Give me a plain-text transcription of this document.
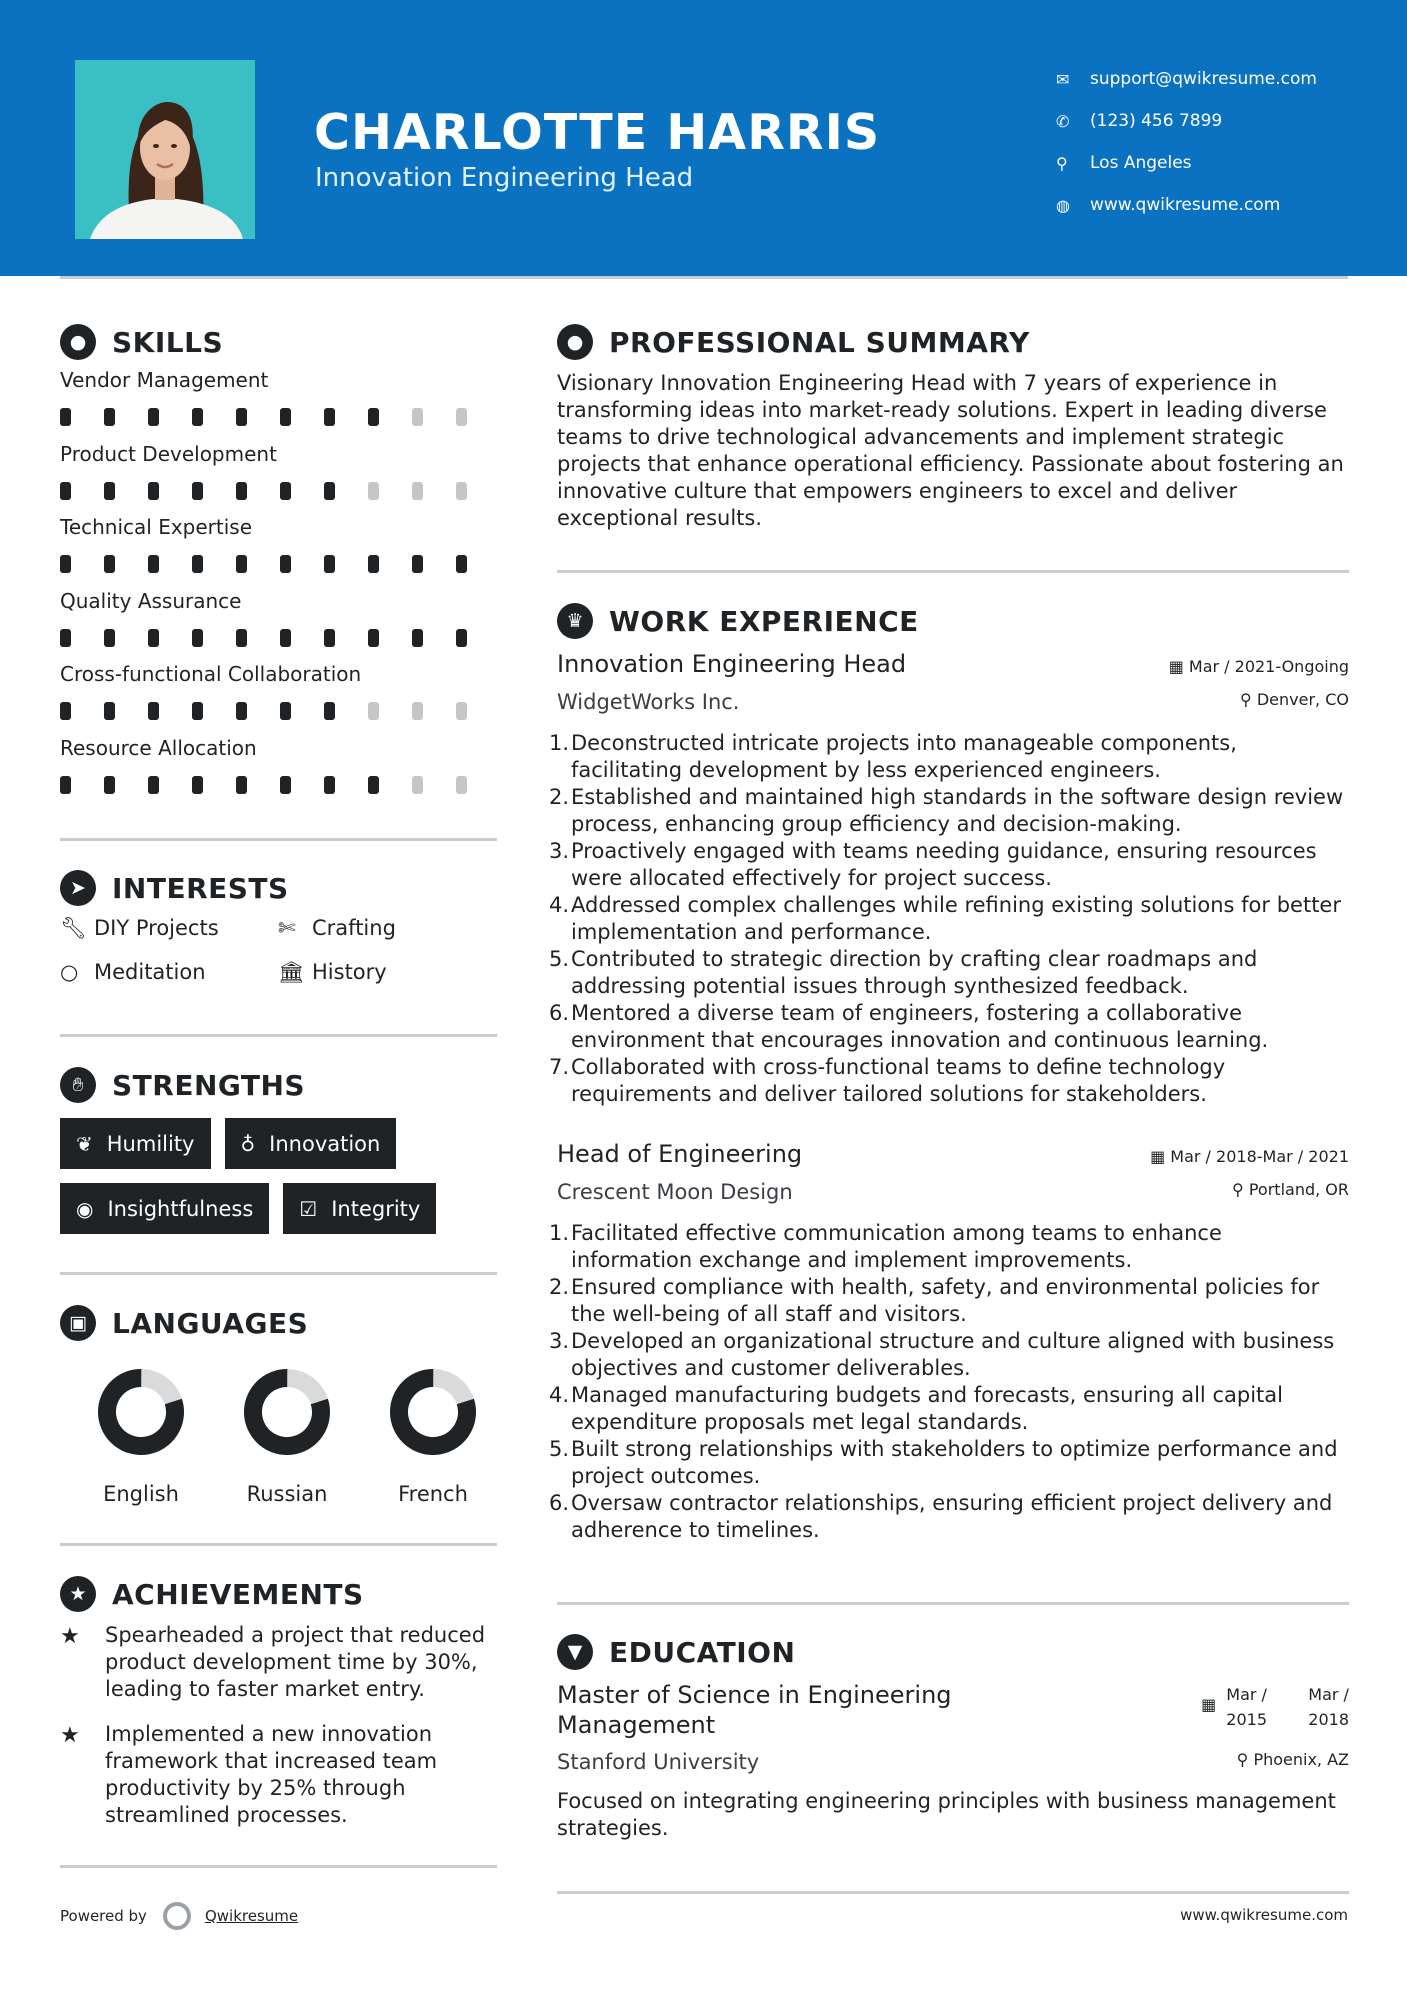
CHARLOTTE HARRIS
Innovation Engineering Head
✉	support@qwikresume.com
✆	(123) 456 7899
⚲	Los Angeles
◍	www.qwikresume.com
● SKILLS
Vendor Management
Product Development
Technical Expertise
Quality Assurance
Cross-functional Collaboration
Resource Allocation
➤ INTERESTS
🔧︎ DIY Projects	✄ Crafting
○ Meditation	🏛︎ History
✋︎	STRENGTHS
❦ Humility ♁ Innovation
◉ Insightfulness ☑ Integrity
▣ LANGUAGES
English	Russian	French
★ ACHIEVEMENTS
★	Spearheaded a project that reduced product development time by 30%, leading to faster market entry.
★	Implemented a new innovation framework that increased team productivity by 25% through streamlined processes.
Powered by	Qwikresume
● PROFESSIONAL SUMMARY
Visionary Innovation Engineering Head with 7 years of experience in transforming ideas into market-ready solutions. Expert in leading diverse teams to drive technological advancements and implement strategic projects that enhance operational efficiency. Passionate about fostering an innovative culture that empowers engineers to excel and deliver exceptional results.
♛ WORK EXPERIENCE
Innovation Engineering Head	▦ Mar / 2021-Ongoing
WidgetWorks Inc.	⚲ Denver, CO
1. Deconstructed intricate projects into manageable components, facilitating development by less experienced engineers.
2. Established and maintained high standards in the software design review process, enhancing group efficiency and decision-making.
3. Proactively engaged with teams needing guidance, ensuring resources were allocated effectively for project success.
4. Addressed complex challenges while refining existing solutions for better implementation and performance.
5. Contributed to strategic direction by crafting clear roadmaps and addressing potential issues through synthesized feedback.
6. Mentored a diverse team of engineers, fostering a collaborative environment that encourages innovation and continuous learning.
7. Collaborated with cross-functional teams to define technology requirements and deliver tailored solutions for stakeholders.
Head of Engineering	▦ Mar / 2018-Mar / 2021
Crescent Moon Design	⚲ Portland, OR
1. Facilitated effective communication among teams to enhance information exchange and implement improvements.
2. Ensured compliance with health, safety, and environmental policies for the well-being of all staff and visitors.
3. Developed an organizational structure and culture aligned with business objectives and customer deliverables.
4. Managed manufacturing budgets and forecasts, ensuring all capital expenditure proposals met legal standards.
5. Built strong relationships with stakeholders to optimize performance and project outcomes.
6. Oversaw contractor relationships, ensuring efficient project delivery and adherence to timelines.
▼ EDUCATION
Master of Science in Engineering Management
▦
Mar /
2015
Mar /
2018
Stanford University	⚲ Phoenix, AZ
Focused on integrating engineering principles with business management strategies.
www.qwikresume.com
